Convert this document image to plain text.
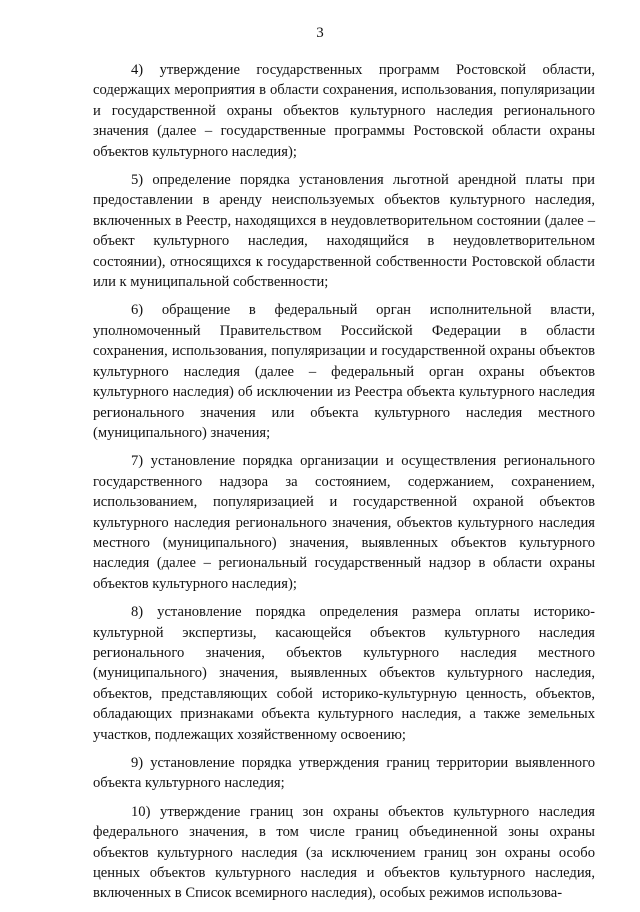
3

4) утверждение государственных программ Ростовской области, содержащих мероприятия в области сохранения, использования, популяризации и государственной охраны объектов культурного наследия регионального значения (далее – государственные программы Ростовской области охраны объектов культурного наследия);

5) определение порядка установления льготной арендной платы при предоставлении в аренду неиспользуемых объектов культурного наследия, включенных в Реестр, находящихся в неудовлетворительном состоянии (далее – объект культурного наследия, находящийся в неудовлетворительном состоянии), относящихся к государственной собственности Ростовской области или к муниципальной собственности;

6) обращение в федеральный орган исполнительной власти, уполномоченный Правительством Российской Федерации в области сохранения, использования, популяризации и государственной охраны объектов культурного наследия (далее – федеральный орган охраны объектов культурного наследия) об исключении из Реестра объекта культурного наследия регионального значения или объекта культурного наследия местного (муниципального) значения;

7) установление порядка организации и осуществления регионального государственного надзора за состоянием, содержанием, сохранением, использованием, популяризацией и государственной охраной объектов культурного наследия регионального значения, объектов культурного наследия местного (муниципального) значения, выявленных объектов культурного наследия (далее – региональный государственный надзор в области охраны объектов культурного наследия);

8) установление порядка определения размера оплаты историко-культурной экспертизы, касающейся объектов культурного наследия регионального значения, объектов культурного наследия местного (муниципального) значения, выявленных объектов культурного наследия, объектов, представляющих собой историко-культурную ценность, объектов, обладающих признаками объекта культурного наследия, а также земельных участков, подлежащих хозяйственному освоению;

9) установление порядка утверждения границ территории выявленного объекта культурного наследия;

10) утверждение границ зон охраны объектов культурного наследия федерального значения, в том числе границ объединенной зоны охраны объектов культурного наследия (за исключением границ зон охраны особо ценных объектов культурного наследия и объектов культурного наследия, включенных в Список всемирного наследия), особых режимов использова-
